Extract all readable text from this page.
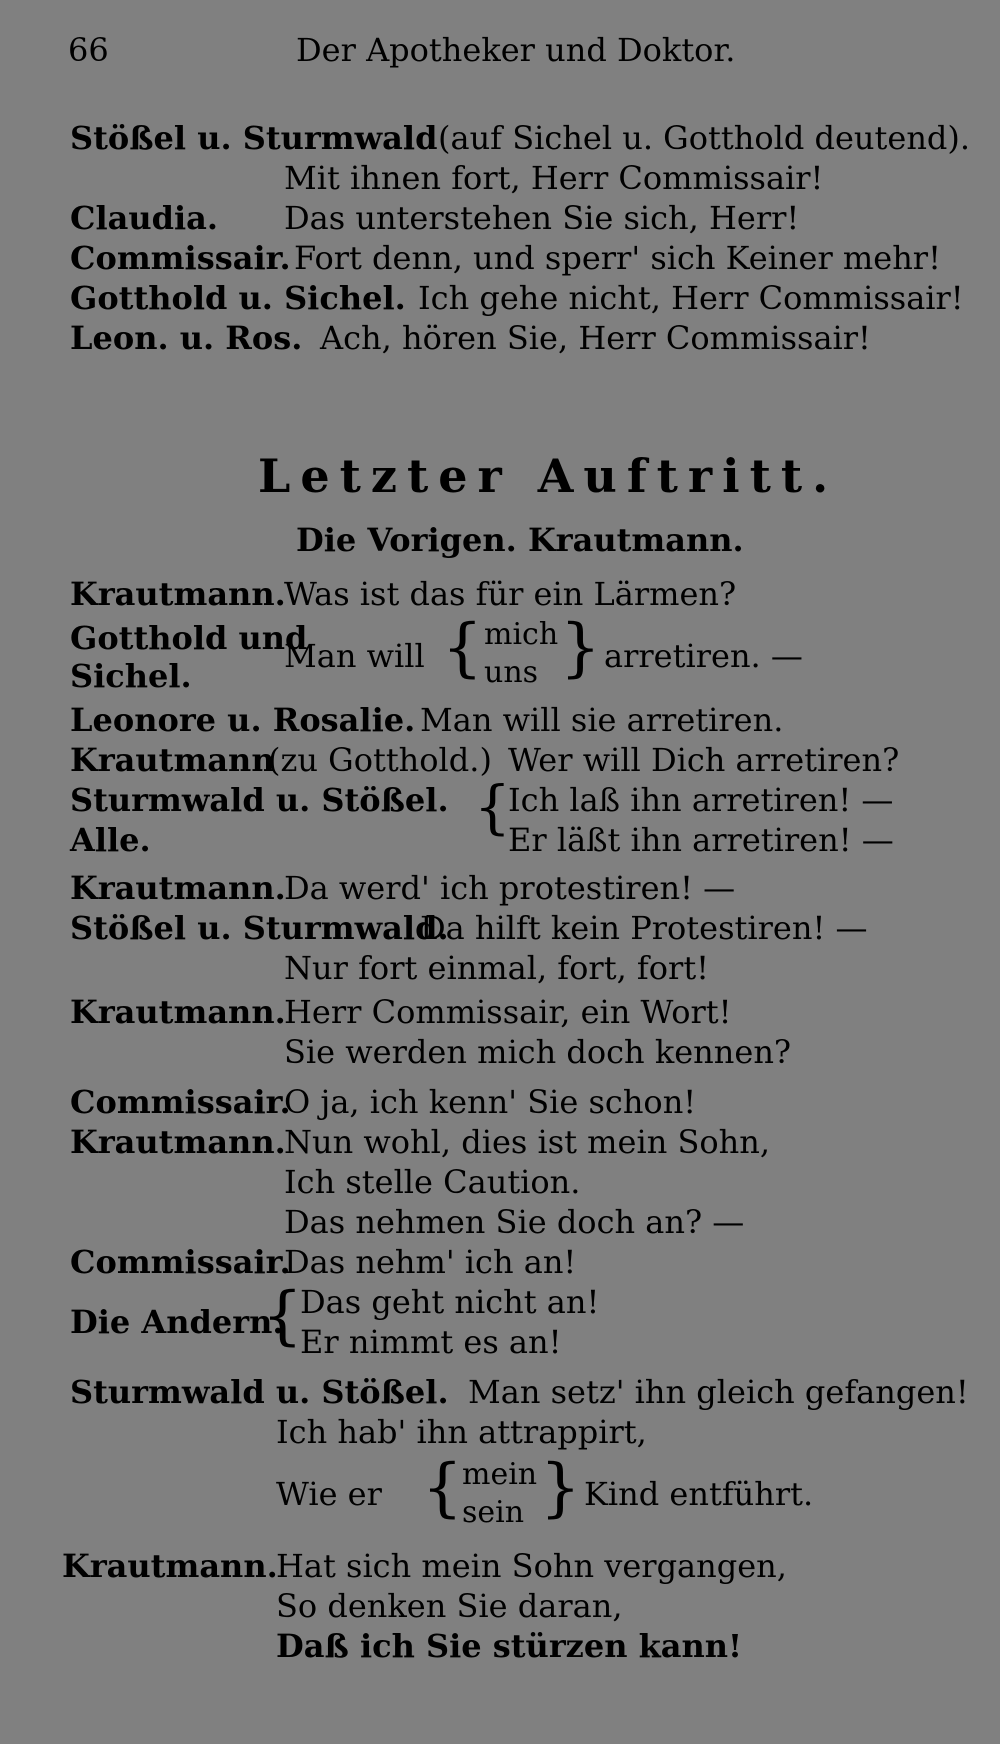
66	Der Apotheker und Doktor.
Stößel u. Sturmwald (auf Sichel u. Gotthold deutend).
Mit ihnen fort, Herr Commissair!
Claudia. Das unterstehen Sie sich, Herr!
Commissair. Fort denn, und sperr' sich Keiner mehr!
Gotthold u. Sichel. Ich gehe nicht, Herr Commissair!
Leon. u. Ros. Ach, hören Sie, Herr Commissair!
Letzter Auftritt.
Die Vorigen. Krautmann.
Krautmann.
Was ist das für ein Lärmen?
Gotthold und
Sichel.
Man will { mich
uns } arretiren. —
Leonore u. Rosalie. Man will sie arretiren.
Krautmann
(zu Gotthold.) Wer will Dich arretiren?
Sturmwald u. Stößel.
Alle.	{
Ich laß ihn arretiren! —
Er läßt ihn arretiren! —
Krautmann.
Da werd' ich protestiren! —
Stößel u. Sturmwald.
Da hilft kein Protestiren! —
Nur fort einmal, fort, fort!
Krautmann.
Herr Commissair, ein Wort!
Sie werden mich doch kennen?
Commissair.
O ja, ich kenn' Sie schon!
Krautmann.
Nun wohl, dies ist mein Sohn,
Ich stelle Caution.
Das nehmen Sie doch an? —
Commissair.
Das nehm' ich an!
Die Andern.
{
Das geht nicht an!
Er nimmt es an!
Sturmwald u. Stößel. Man setz' ihn gleich gefangen!
Ich hab' ihn attrappirt,
Wie er { mein
sein } Kind entführt.
Krautmann.
Hat sich mein Sohn vergangen,
So denken Sie daran,
Daß ich Sie stürzen kann!
